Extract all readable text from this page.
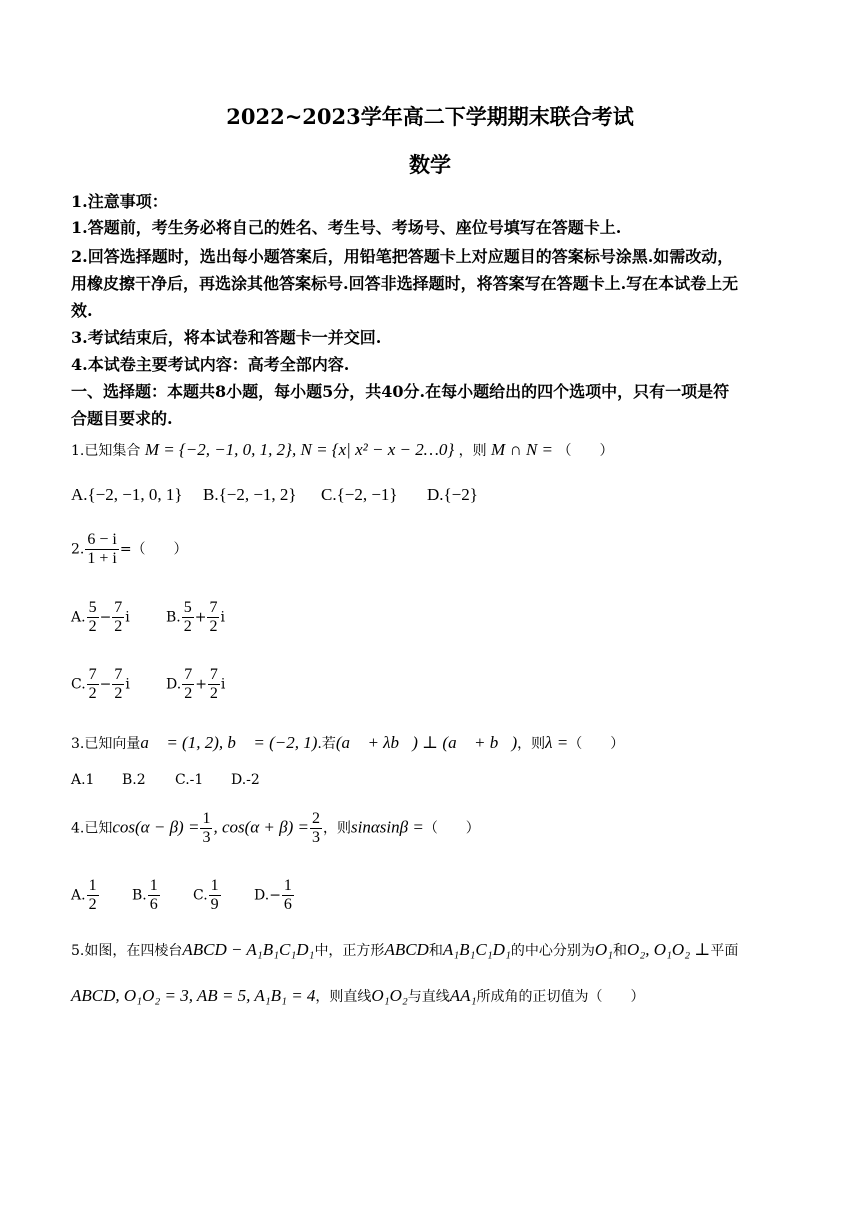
2022~2023学年高二下学期期末联合考试
数学
1.注意事项：
1.答题前，考生务必将自己的姓名、考生号、考场号、座位号填写在答题卡上.
2.回答选择题时，选出每小题答案后，用铅笔把答题卡上对应题目的答案标号涂黑.如需改动，
用橡皮擦干净后，再选涂其他答案标号.回答非选择题时，将答案写在答题卡上.写在本试卷上无
效.
3.考试结束后，将本试卷和答题卡一并交回.
4.本试卷主要考试内容：高考全部内容.
一、选择题：本题共8小题，每小题5分，共40分.在每小题给出的四个选项中，只有一项是符
合题目要求的.
1.已知集合 M = {−2, −1, 0, 1, 2}, N = {x| x² − x − 2…0} ，则 M ∩ N = （　　）
A.{−2, −1, 0, 1} B.{−2, −1, 2} C.{−2, −1} D.{−2}
2. $\frac{6 - i}{1 + i}$ =（　　）
A. $\frac{5}{2} - \frac{7}{2}$ i	B. $\frac{5}{2} + \frac{7}{2}$ i
C. $\frac{7}{2} - \frac{7}{2}$ i	D. $\frac{7}{2} + \frac{7}{2}$ i
3.已知向量a⃗ = (1, 2), b⃗ = (−2, 1).若(a⃗ + λb⃗) ⊥ (a⃗ + b⃗)，则λ =（　　）
A.1 B.2 C.-1 D.-2
4.已知$\cos(\alpha - \beta) = \frac{1}{3}$ , $\cos(\alpha + \beta) = \frac{2}{3}$ ，则sinαsinβ =（　　）
A. $\frac{1}{2} B$. $\frac{1}{6} C$. $\frac{1}{9} D.- \frac{1}{6}$
5.如图，在四棱台ABCD − A₁B₁C₁D₁中，正方形ABCD和A₁B₁C₁D₁的中心分别为O₁和O₂, O₁O₂ ⊥平面
ABCD, O₁O₂ = 3, AB = 5, A₁B₁ = 4，则直线O₁O₂与直线AA₁所成角的正切值为（　　）
